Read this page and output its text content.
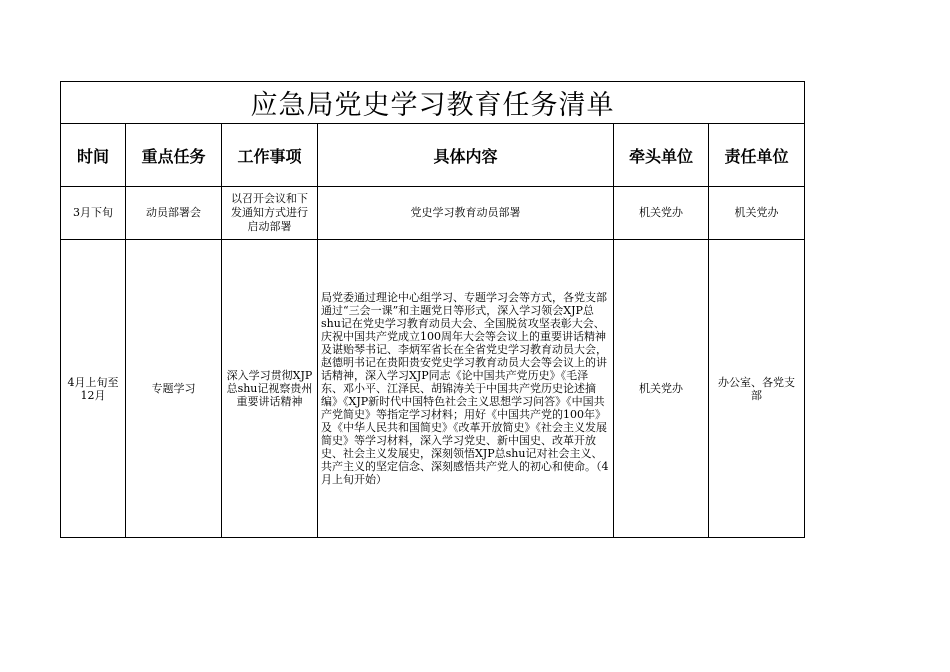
应急局党史学习教育任务清单					
时间	重点任务	工作事项	具体内容	牵头单位	责任单位
3月下旬	动员部署会	以召开会议和下发通知方式进行启动部署	党史学习教育动员部署	机关党办	机关党办
4月上旬至12月	专题学习	深入学习贯彻XJP总shu记视察贵州重要讲话精神	局党委通过理论中心组学习、专题学习会等方式，各党支部通过“三会一课”和主题党日等形式，深入学习领会XJP总shu记在党史学习教育动员大会、全国脱贫攻坚表彰大会、庆祝中国共产党成立100周年大会等会议上的重要讲话精神及谌贻琴书记、李炳军省长在全省党史学习教育动员大会，赵德明书记在贵阳贵安党史学习教育动员大会等会议上的讲话精神，深入学习XJP同志《论中国共产党历史》《毛泽东、邓小平、江泽民、胡锦涛关于中国共产党历史论述摘编》《XJP新时代中国特色社会主义思想学习问答》《中国共产党简史》等指定学习材料；用好《中国共产党的100年》及《中华人民共和国简史》《改革开放简史》《社会主义发展简史》等学习材料，深入学习党史、新中国史、改革开放史、社会主义发展史，深刻领悟XJP总shu记对社会主义、共产主义的坚定信念、深刻感悟共产党人的初心和使命。（4月上旬开始）	机关党办	办公室、各党支部
